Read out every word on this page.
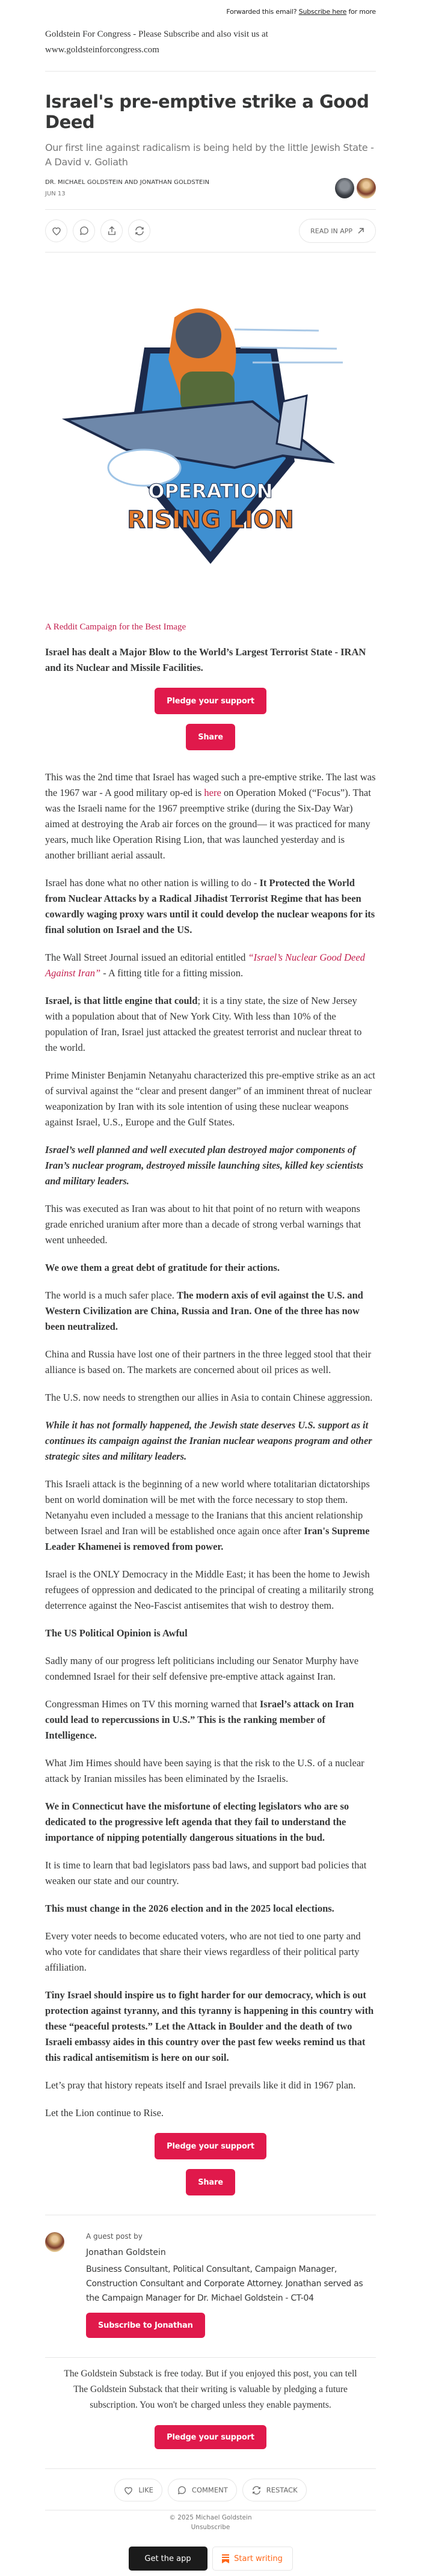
Forwarded this email? Subscribe here for more
Goldstein For Congress - Please Subscribe and also visit us at
www.goldsteinforcongress.com
Israel's pre-emptive strike a Good Deed
Our first line against radicalism is being held by the little Jewish State - A David v. Goliath
DR. MICHAEL GOLDSTEIN AND JONATHAN GOLDSTEIN
JUN 13
READ IN APP
OPERATION
RISING LION
A Reddit Campaign for the Best Image

Israel has dealt a Major Blow to the World’s Largest Terrorist State - IRAN and its Nuclear and Missile Facilities.

Pledge your support
Share

This was the 2nd time that Israel has waged such a pre-emptive strike. The last was the 1967 war - A good military op-ed is here on Operation Moked (“Focus”). That was the Israeli name for the 1967 preemptive strike (during the Six-Day War) aimed at destroying the Arab air forces on the ground— it was practiced for many years, much like Operation Rising Lion, that was launched yesterday and is another brilliant aerial assault.

Israel has done what no other nation is willing to do - It Protected the World from Nuclear Attacks by a Radical Jihadist Terrorist Regime that has been cowardly waging proxy wars until it could develop the nuclear weapons for its final solution on Israel and the US.

The Wall Street Journal issued an editorial entitled “Israel’s Nuclear Good Deed Against Iran” - A fitting title for a fitting mission.

Israel, is that little engine that could; it is a tiny state, the size of New Jersey with a population about that of New York City. With less than 10% of the population of Iran, Israel just attacked the greatest terrorist and nuclear threat to the world.

Prime Minister Benjamin Netanyahu characterized this pre-emptive strike as an act of survival against the “clear and present danger” of an imminent threat of nuclear weaponization by Iran with its sole intention of using these nuclear weapons against Israel, U.S., Europe and the Gulf States.

Israel’s well planned and well executed plan destroyed major components of Iran’s nuclear program, destroyed missile launching sites, killed key scientists and military leaders.

This was executed as Iran was about to hit that point of no return with weapons grade enriched uranium after more than a decade of strong verbal warnings that went unheeded.

We owe them a great debt of gratitude for their actions.

The world is a much safer place. The modern axis of evil against the U.S. and Western Civilization are China, Russia and Iran. One of the three has now been neutralized.

China and Russia have lost one of their partners in the three legged stool that their alliance is based on. The markets are concerned about oil prices as well.

The U.S. now needs to strengthen our allies in Asia to contain Chinese aggression.

While it has not formally happened, the Jewish state deserves U.S. support as it continues its campaign against the Iranian nuclear weapons program and other strategic sites and military leaders.

This Israeli attack is the beginning of a new world where totalitarian dictatorships bent on world domination will be met with the force necessary to stop them. Netanyahu even included a message to the Iranians that this ancient relationship between Israel and Iran will be established once again once after Iran's Supreme Leader Khamenei is removed from power.

Israel is the ONLY Democracy in the Middle East; it has been the home to Jewish refugees of oppression and dedicated to the principal of creating a militarily strong deterrence against the Neo-Fascist antisemites that wish to destroy them.

The US Political Opinion is Awful

Sadly many of our progress left politicians including our Senator Murphy have condemned Israel for their self defensive pre-emptive attack against Iran.

Congressman Himes on TV this morning warned that Israel’s attack on Iran could lead to repercussions in U.S.” This is the ranking member of Intelligence.

What Jim Himes should have been saying is that the risk to the U.S. of a nuclear attack by Iranian missiles has been eliminated by the Israelis.

We in Connecticut have the misfortune of electing legislators who are so dedicated to the progressive left agenda that they fail to understand the importance of nipping potentially dangerous situations in the bud.

It is time to learn that bad legislators pass bad laws, and support bad policies that weaken our state and our country.

This must change in the 2026 election and in the 2025 local elections.

Every voter needs to become educated voters, who are not tied to one party and who vote for candidates that share their views regardless of their political party affiliation.

Tiny Israel should inspire us to fight harder for our democracy, which is out protection against tyranny, and this tyranny is happening in this country with these “peaceful protests.” Let the Attack in Boulder and the death of two Israeli embassy aides in this country over the past few weeks remind us that this radical antisemitism is here on our soil.

Let’s pray that history repeats itself and Israel prevails like it did in 1967 plan.

Let the Lion continue to Rise.

Pledge your support
Share
A guest post by
Jonathan Goldstein
Business Consultant, Political Consultant, Campaign Manager, Construction Consultant and Corporate Attorney. Jonathan served as the Campaign Manager for Dr. Michael Goldstein - CT-04
Subscribe to Jonathan

The Goldstein Substack is free today. But if you enjoyed this post, you can tell The Goldstein Substack that their writing is valuable by pledging a future subscription. You won't be charged unless they enable payments.

Pledge your support
LIKE	COMMENT	RESTACK
© 2025 Michael Goldstein
Unsubscribe
Get the app	Start writing
